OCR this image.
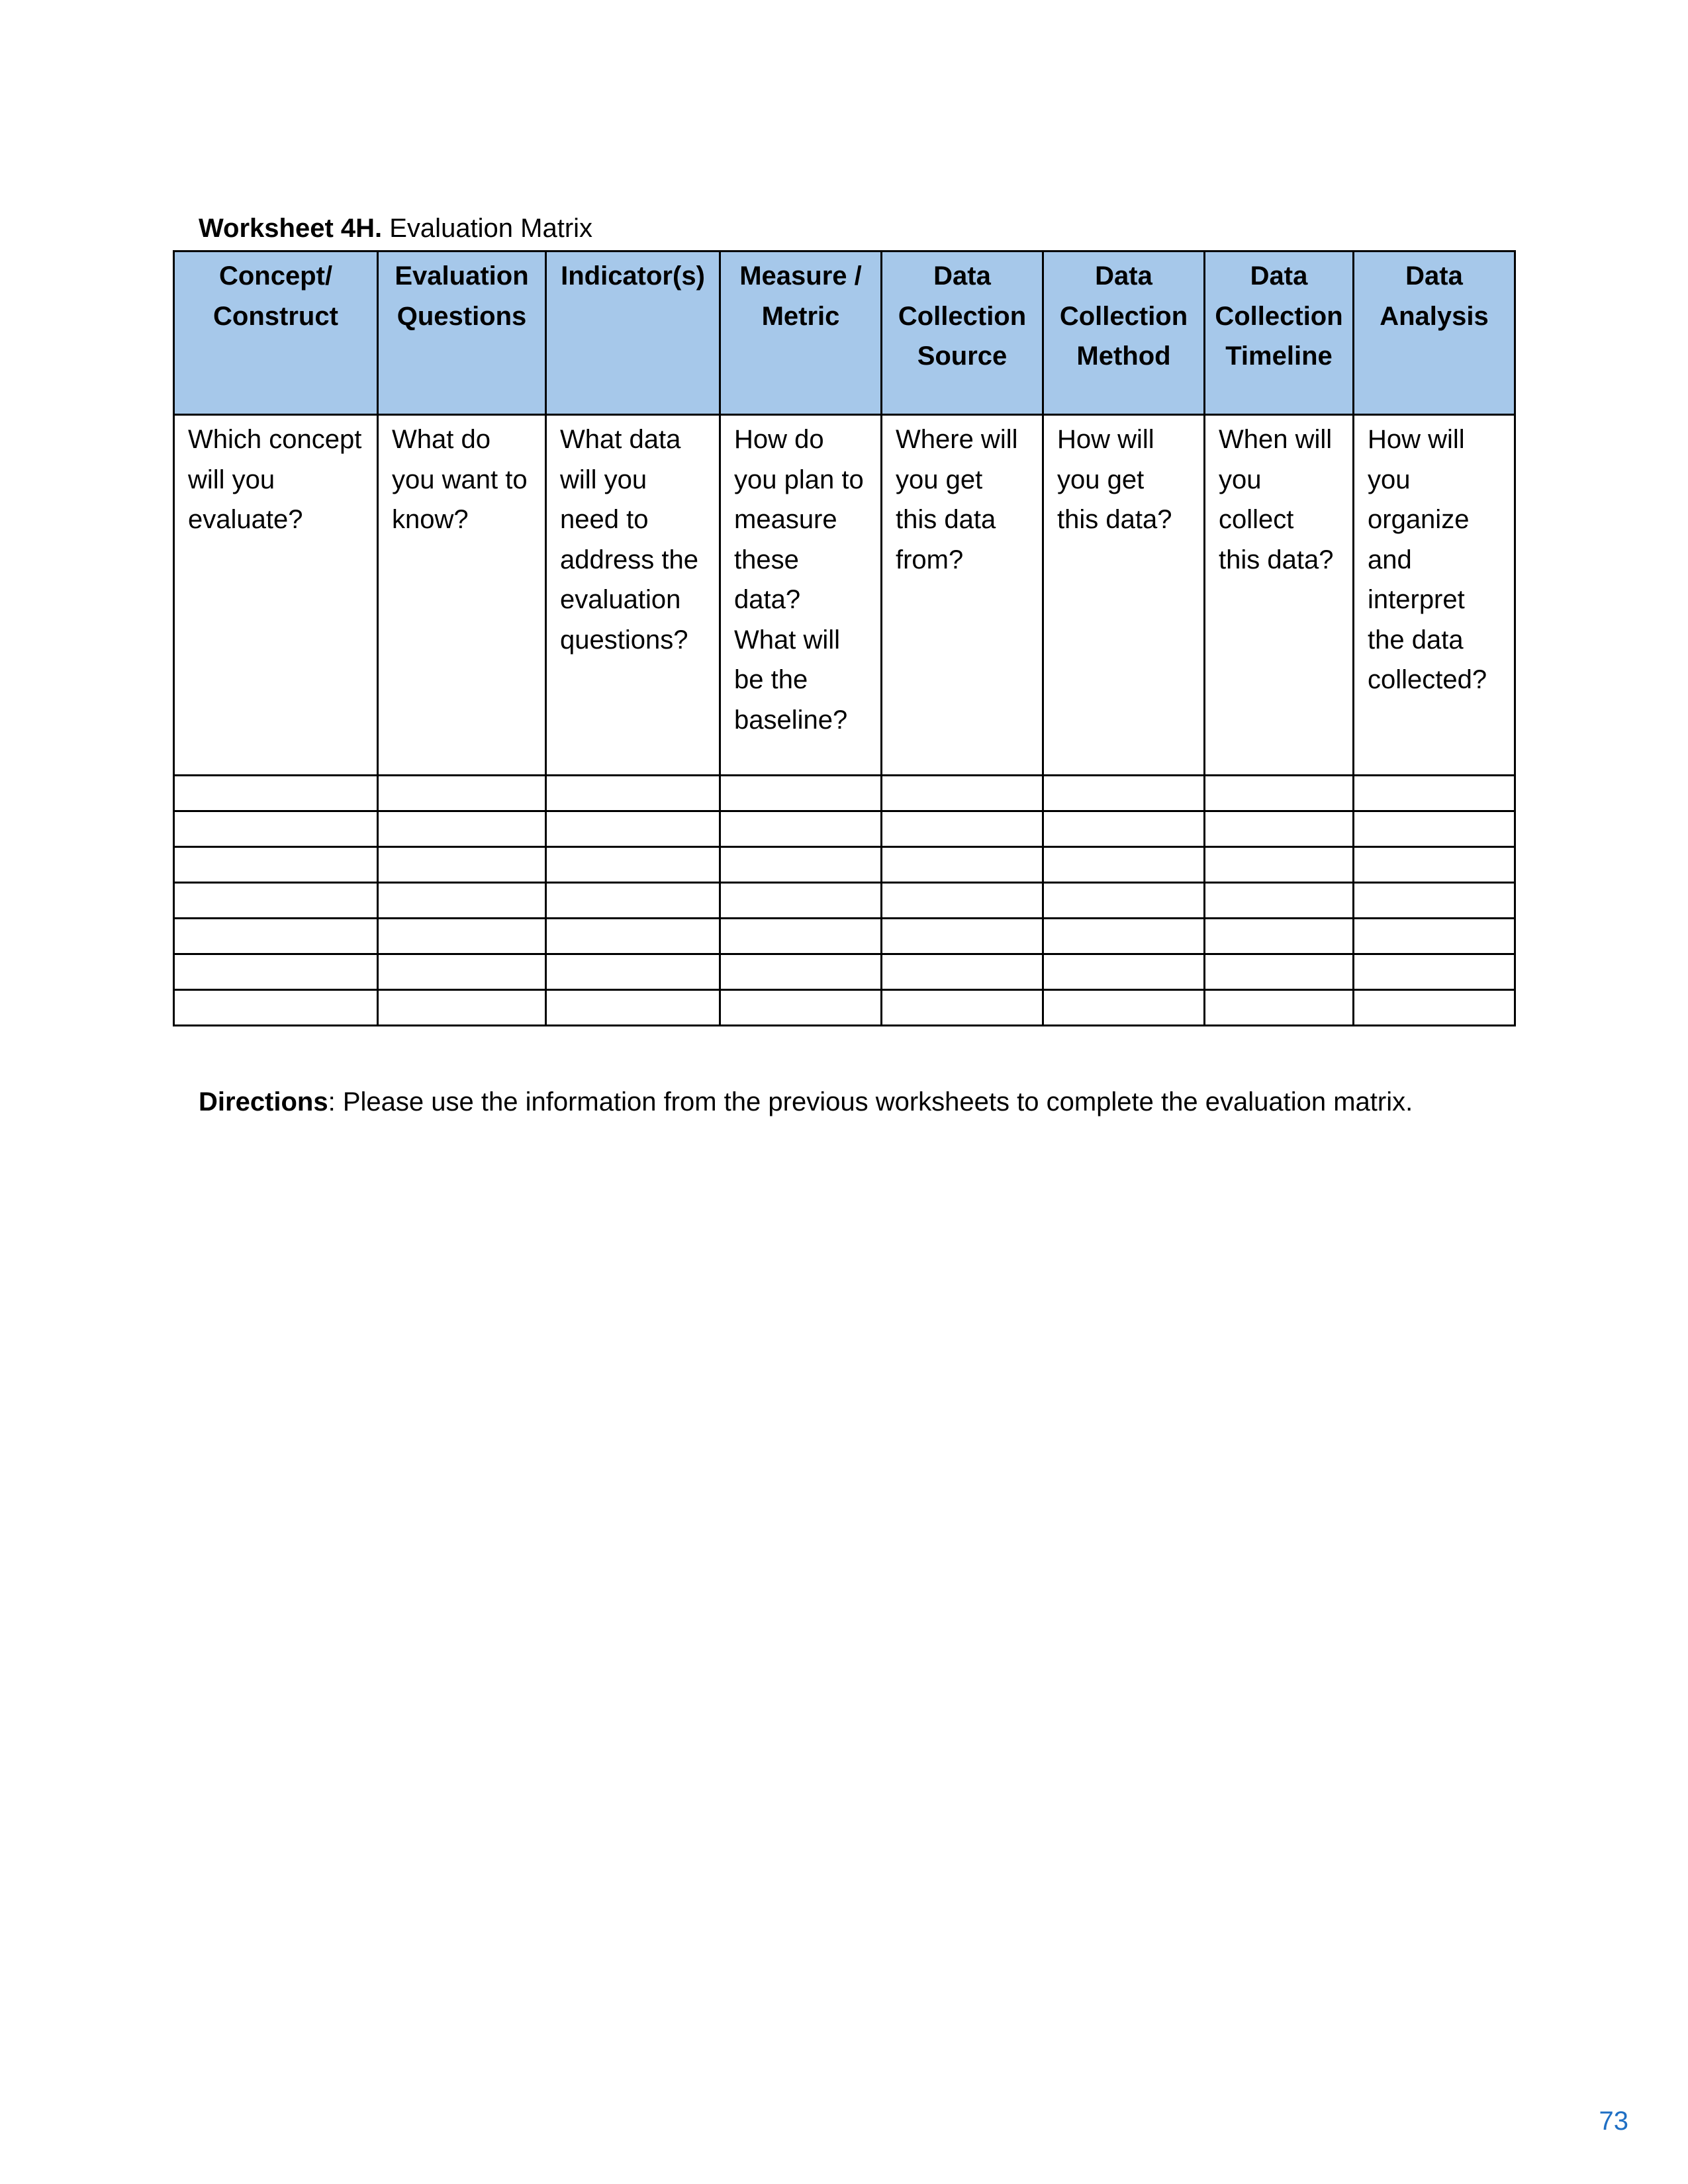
Worksheet 4H. Evaluation Matrix
Concept/ Construct	Evaluation Questions	Indicator(s)	Measure / Metric	Data Collection Source	Data Collection Method	Data Collection Timeline	Data Analysis
Which concept will you evaluate?	What do you want to know?	What data will you need to address the evaluation questions?	How do you plan to measure these data? What will be the baseline?	Where will you get this data from?	How will you get this data?	When will you collect this data?	How will you organize and interpret the data collected?

Directions: Please use the information from the previous worksheets to complete the evaluation matrix.
73
